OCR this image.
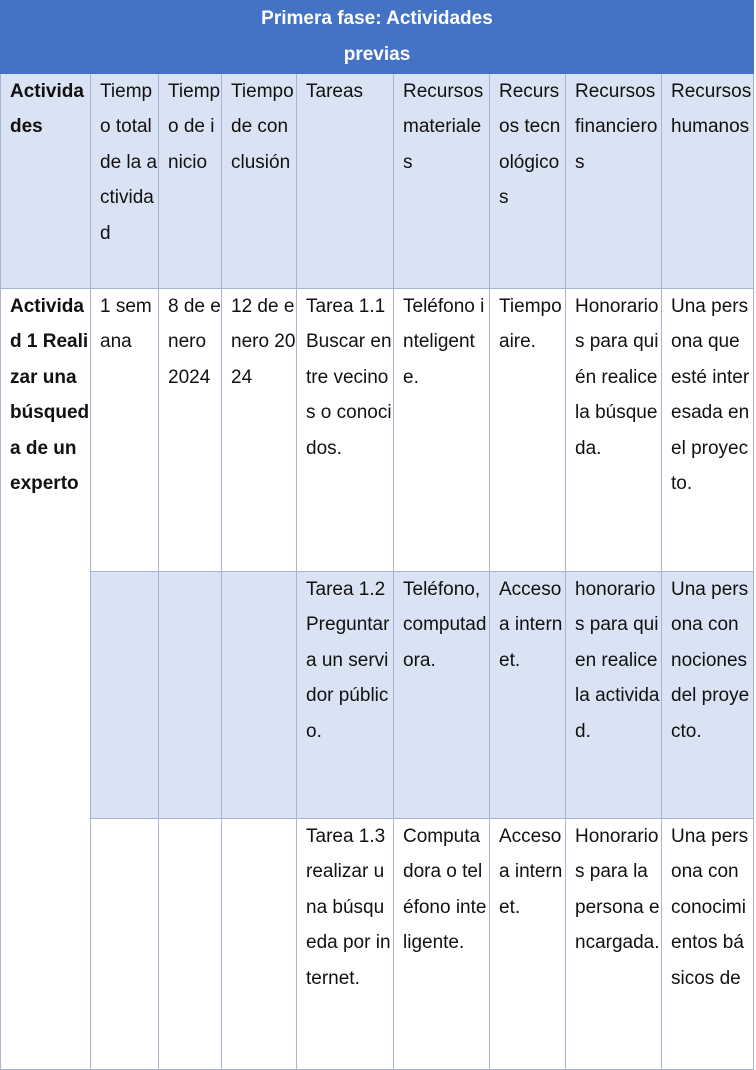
Primera fase: Actividades previas								

Actividades	Tiempo total de la actividad	Tiempo de inicio	Tiempo de conclusión	Tareas	Recursos materiales	Recursos tecnológicos	Recursos financieros	Recursos humanos
Actividad 1 Realizar una búsqueda de un experto	1 semana	8 de enero 2024	12 de enero 2024	Tarea 1.1 Buscar entre vecinos o conocidos.	Teléfono inteligente.	Tiempo aire.	Honorarios para quién realice la búsqueda.	Una persona que esté interesada en el proyecto.
				Tarea 1.2 Preguntar a un servidor público.	Teléfono, computadora.	Acceso a internet.	honorarios para quien realice la actividad.	Una persona con nociones del proyecto.
				Tarea 1.3 realizar una búsqueda por internet.	Computadora o teléfono inteligente.	Acceso a internet.	Honorarios para la persona encargada.	Una persona con conocimientos básicos de
